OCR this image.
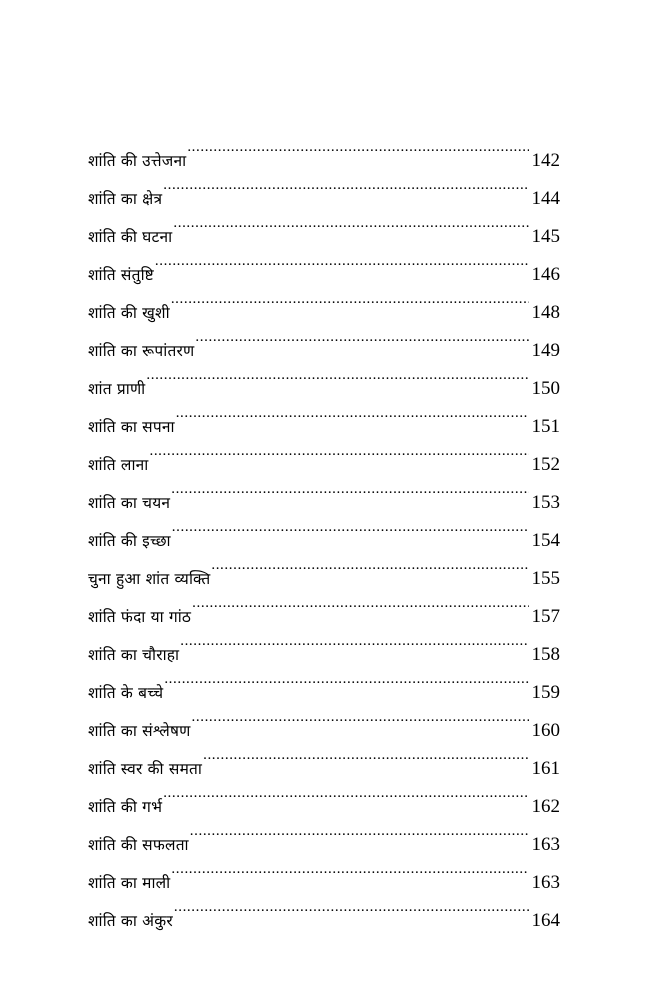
शांति की उत्तेजना .....	142
शांति का क्षेत्र .....	144
शांति की घटना .....	145
शांति संतुष्टि .....	146
शांति की खुशी .....	148
शांति का रूपांतरण .....	149
शांत प्राणी .....	150
शांति का सपना .....	151
शांति लाना .....	152
शांति का चयन .....	153
शांति की इच्छा .....	154
चुना हुआ शांत व्यक्ति .....	155
शांति फंदा या गांठ .....	157
शांति का चौराहा .....	158
शांति के बच्चे .....	159
शांति का संश्लेषण .....	160
शांति स्वर की समता .....	161
शांति की गर्भ .....	162
शांति की सफलता .....	163
शांति का माली .....	163
शांति का अंकुर .....	164
